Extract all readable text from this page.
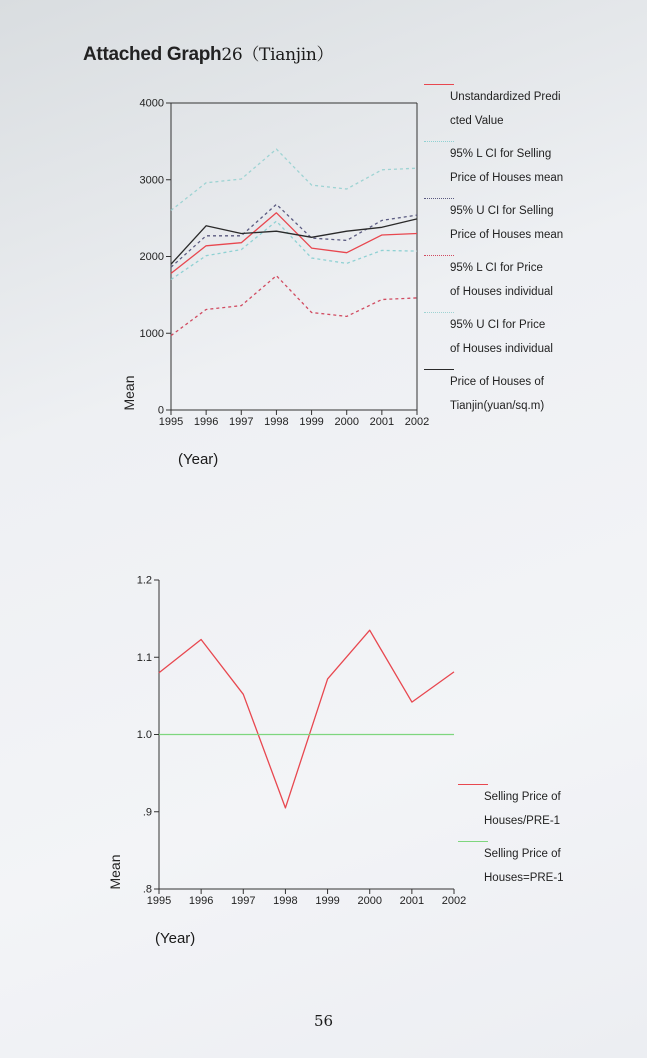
Attached Graph26（Tianjin）
4000
3000
2000
1000
0
1995 1996 1997 1998 1999 2000 2001 2002
Mean
1.2
1.1
1.0
.9
.8
1995 1996 1997 1998 1999 2000 2001 2002
Mean
(Year)
(Year)
Unstandardized Predi
cted Value
95% L CI for Selling
Price of Houses mean
95% U CI for Selling
Price of Houses mean
95% L CI for Price
of Houses individual
95% U CI for Price
of Houses individual
Price of Houses of
Tianjin(yuan/sq.m)
Selling Price of
Houses/PRE-1
Selling Price of
Houses=PRE-1
56
